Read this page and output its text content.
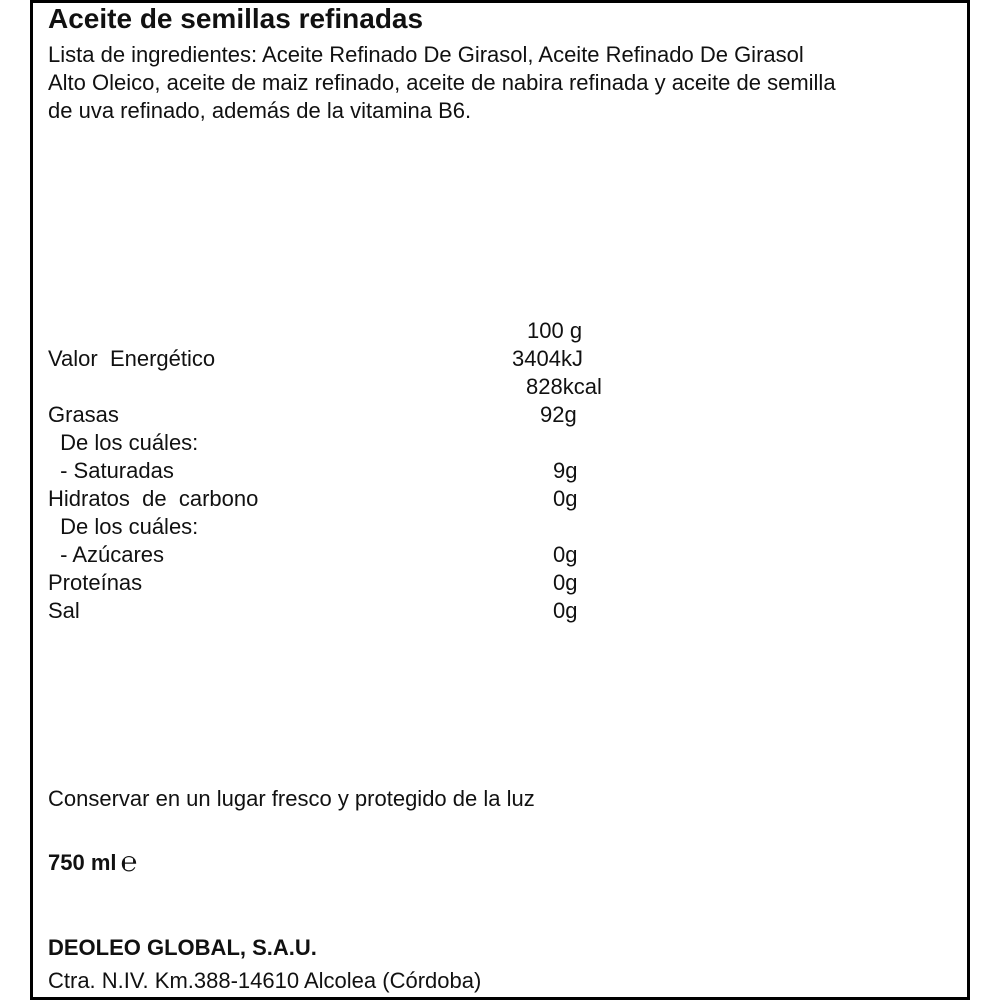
Aceite de semillas refinadas
Lista de ingredientes: Aceite Refinado De Girasol, Aceite Refinado De Girasol
Alto Oleico, aceite de maiz refinado, aceite de nabira refinada y aceite de semilla
de uva refinado, además de la vitamina B6.
100 g
Valor  Energético	3404kJ
828kcal
Grasas	92g
De los cuáles:
- Saturadas	9g
Hidratos  de  carbono	0g
De los cuáles:
- Azúcares	0g
Proteínas	0g
Sal	0g
Conservar en un lugar fresco y protegido de la luz
750 ml ℮
DEOLEO GLOBAL, S.A.U.
Ctra. N.IV. Km.388-14610 Alcolea (Córdoba)
